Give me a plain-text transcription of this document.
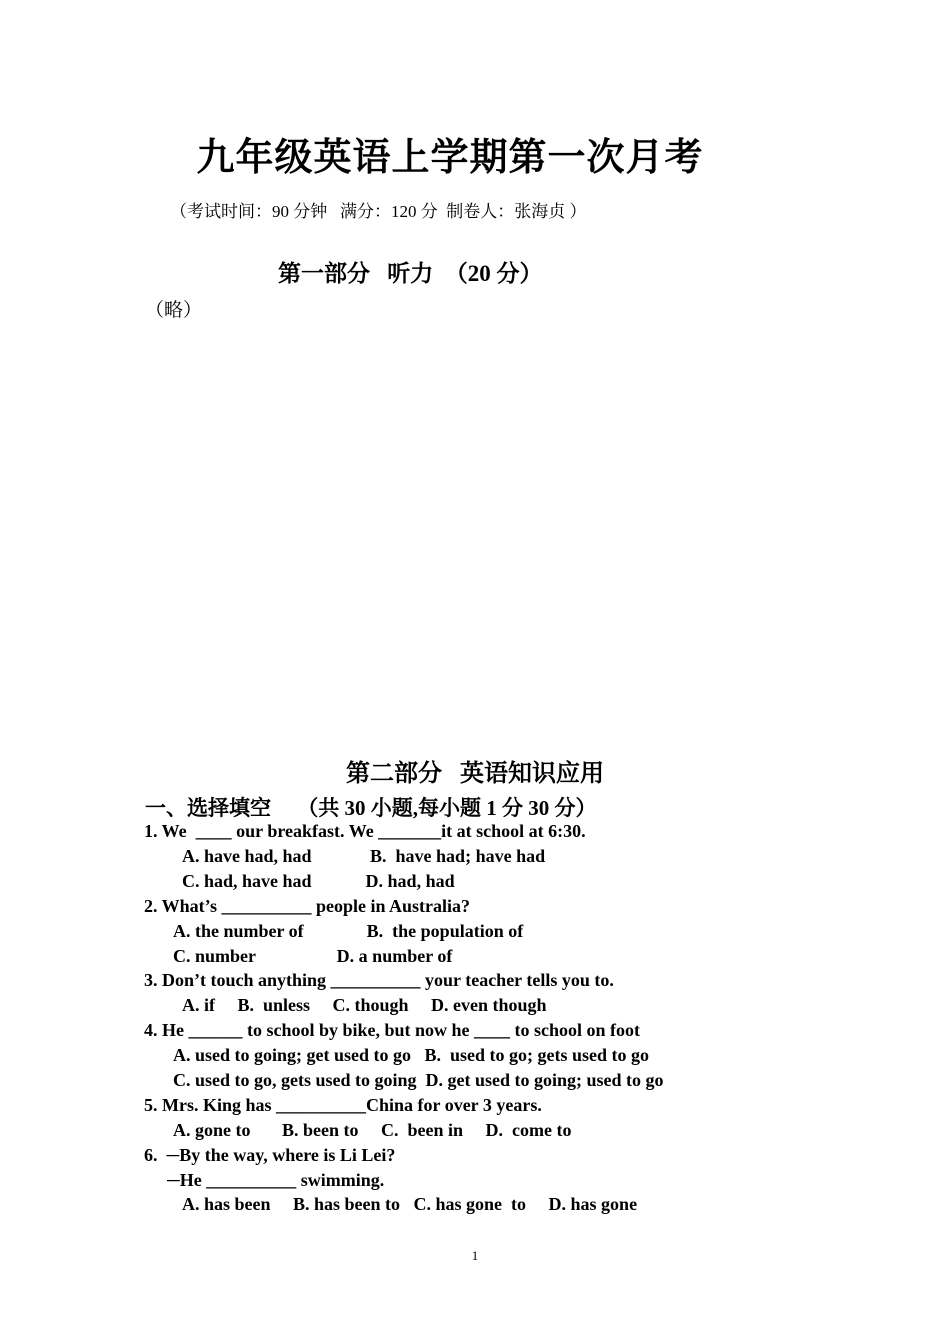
九年级英语上学期第一次月考
（考试时间：90 分钟   满分：120 分  制卷人：张海贞 ）
第一部分   听力  （20 分）
（略）
第二部分   英语知识应用
一、选择填空     （共 30 小题,每小题 1 分 30 分）
1. We  ____ our breakfast. We _______it at school at 6:30.
A. have had, had             B.  have had; have had
C. had, have had            D. had, had
2. What’s __________ people in Australia?
A. the number of              B.  the population of
C. number                  D. a number of
3. Don’t touch anything __________ your teacher tells you to.
A. if     B.  unless     C. though     D. even though
4. He ______ to school by bike, but now he ____ to school on foot
A. used to going; get used to go   B.  used to go; gets used to go
C. used to go, gets used to going  D. get used to going; used to go
5. Mrs. King has __________China for over 3 years.
A. gone to       B. been to     C.  been in     D.  come to
6.  ─By the way, where is Li Lei?
─He __________ swimming.
A. has been     B. has been to   C. has gone  to     D. has gone
1
